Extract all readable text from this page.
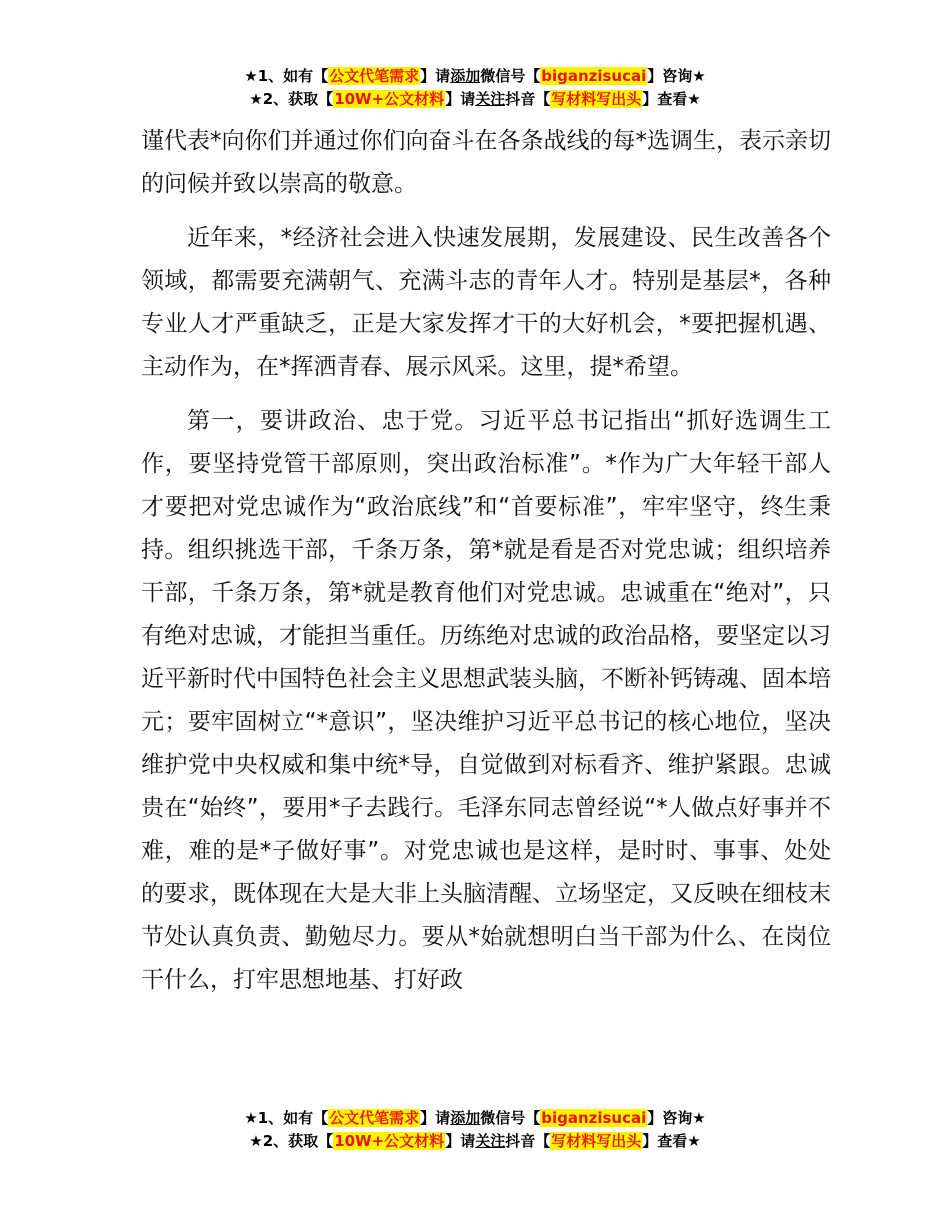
★1、如有【公文代笔需求】请添加微信号【biganzisucai】咨询★
★2、获取【10W+公文材料】请关注抖音【写材料写出头】查看★

谨代表*向你们并通过你们向奋斗在各条战线的每*选调生，表示亲切的问候并致以崇高的敬意。

近年来，*经济社会进入快速发展期，发展建设、民生改善各个领域，都需要充满朝气、充满斗志的青年人才。特别是基层*，各种专业人才严重缺乏，正是大家发挥才干的大好机会，*要把握机遇、主动作为，在*挥洒青春、展示风采。这里，提*希望。

第一，要讲政治、忠于党。习近平总书记指出“抓好选调生工作，要坚持党管干部原则，突出政治标准”。*作为广大年轻干部人才要把对党忠诚作为“政治底线”和“首要标准”，牢牢坚守，终生秉持。组织挑选干部，千条万条，第*就是看是否对党忠诚；组织培养干部，千条万条，第*就是教育他们对党忠诚。忠诚重在“绝对”，只有绝对忠诚，才能担当重任。历练绝对忠诚的政治品格，要坚定以习近平新时代中国特色社会主义思想武装头脑，不断补钙铸魂、固本培元；要牢固树立“*意识”，坚决维护习近平总书记的核心地位，坚决维护党中央权威和集中统*导，自觉做到对标看齐、维护紧跟。忠诚贵在“始终”，要用*子去践行。毛泽东同志曾经说“*人做点好事并不难，难的是*子做好事”。对党忠诚也是这样，是时时、事事、处处的要求，既体现在大是大非上头脑清醒、立场坚定，又反映在细枝末节处认真负责、勤勉尽力。要从*始就想明白当干部为什么、在岗位干什么，打牢思想地基、打好政

★1、如有【公文代笔需求】请添加微信号【biganzisucai】咨询★
★2、获取【10W+公文材料】请关注抖音【写材料写出头】查看★
